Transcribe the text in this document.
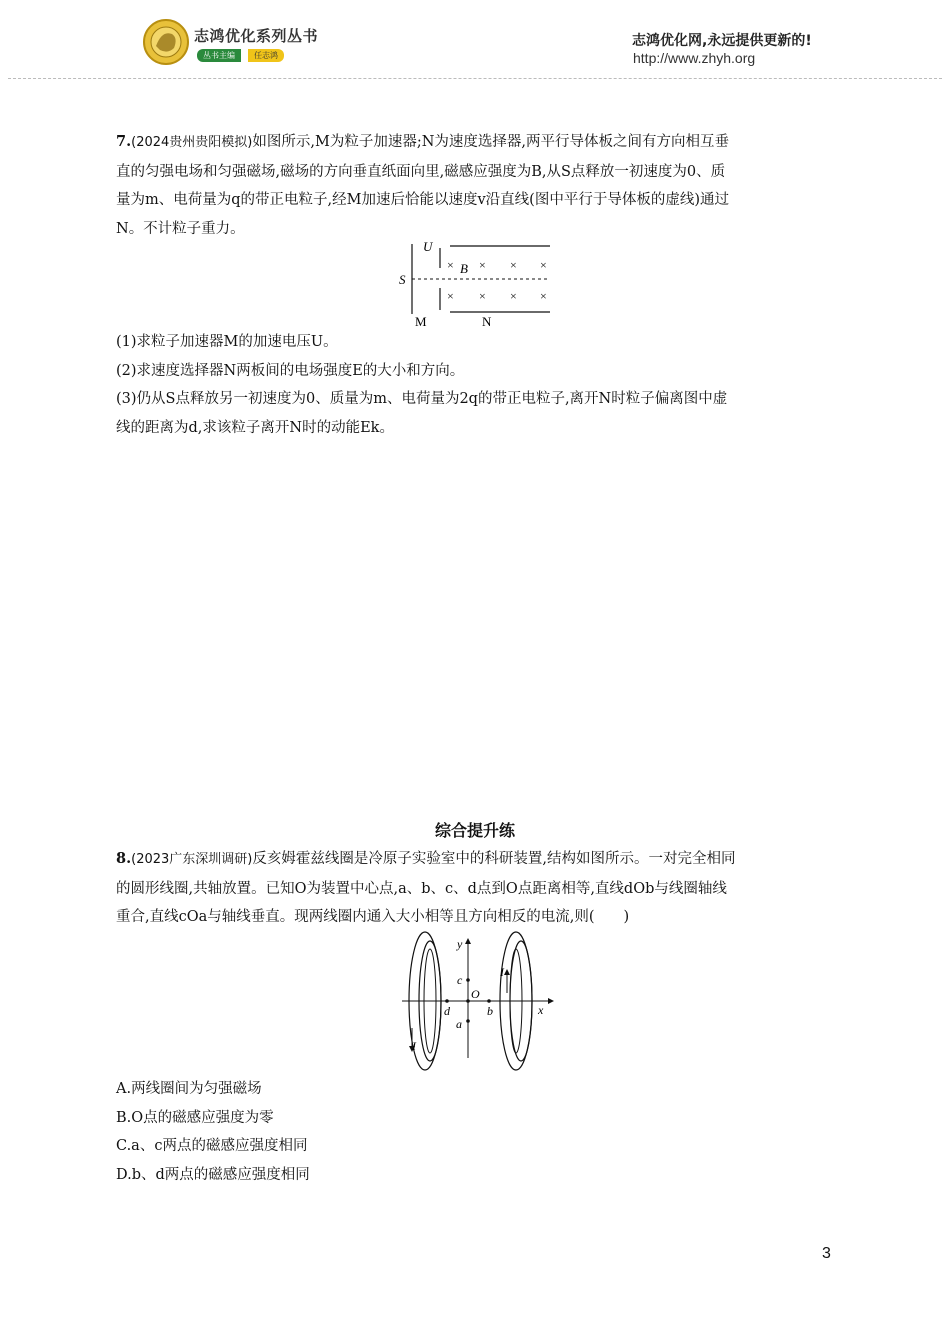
志鸿优化系列丛书
丛书主编	任志鸿
志鸿优化网,永远提供更新的!
http://www.zhyh.org
7.(2024贵州贵阳模拟)如图所示,M为粒子加速器;N为速度选择器,两平行导体板之间有方向相互垂
直的匀强电场和匀强磁场,磁场的方向垂直纸面向里,磁感应强度为B,从S点释放一初速度为0、质
量为m、电荷量为q的带正电粒子,经M加速后恰能以速度v沿直线(图中平行于导体板的虚线)通过
N。不计粒子重力。
U
S
B
× × × ×
× × × ×
M	N
(1)求粒子加速器M的加速电压U。
(2)求速度选择器N两板间的电场强度E的大小和方向。
(3)仍从S点释放另一初速度为0、质量为m、电荷量为2q的带正电粒子,离开N时粒子偏离图中虚
线的距离为d,求该粒子离开N时的动能Ek。
综合提升练
8.(2023广东深圳调研)反亥姆霍兹线圈是冷原子实验室中的科研装置,结构如图所示。一对完全相同
的圆形线圈,共轴放置。已知O为装置中心点,a、b、c、d点到O点距离相等,直线dOb与线圈轴线
重合,直线cOa与轴线垂直。现两线圈内通入大小相等且方向相反的电流,则(　　)
y
x
O
c
a
d	b
I
I
A.两线圈间为匀强磁场
B.O点的磁感应强度为零
C.a、c两点的磁感应强度相同
D.b、d两点的磁感应强度相同
3
